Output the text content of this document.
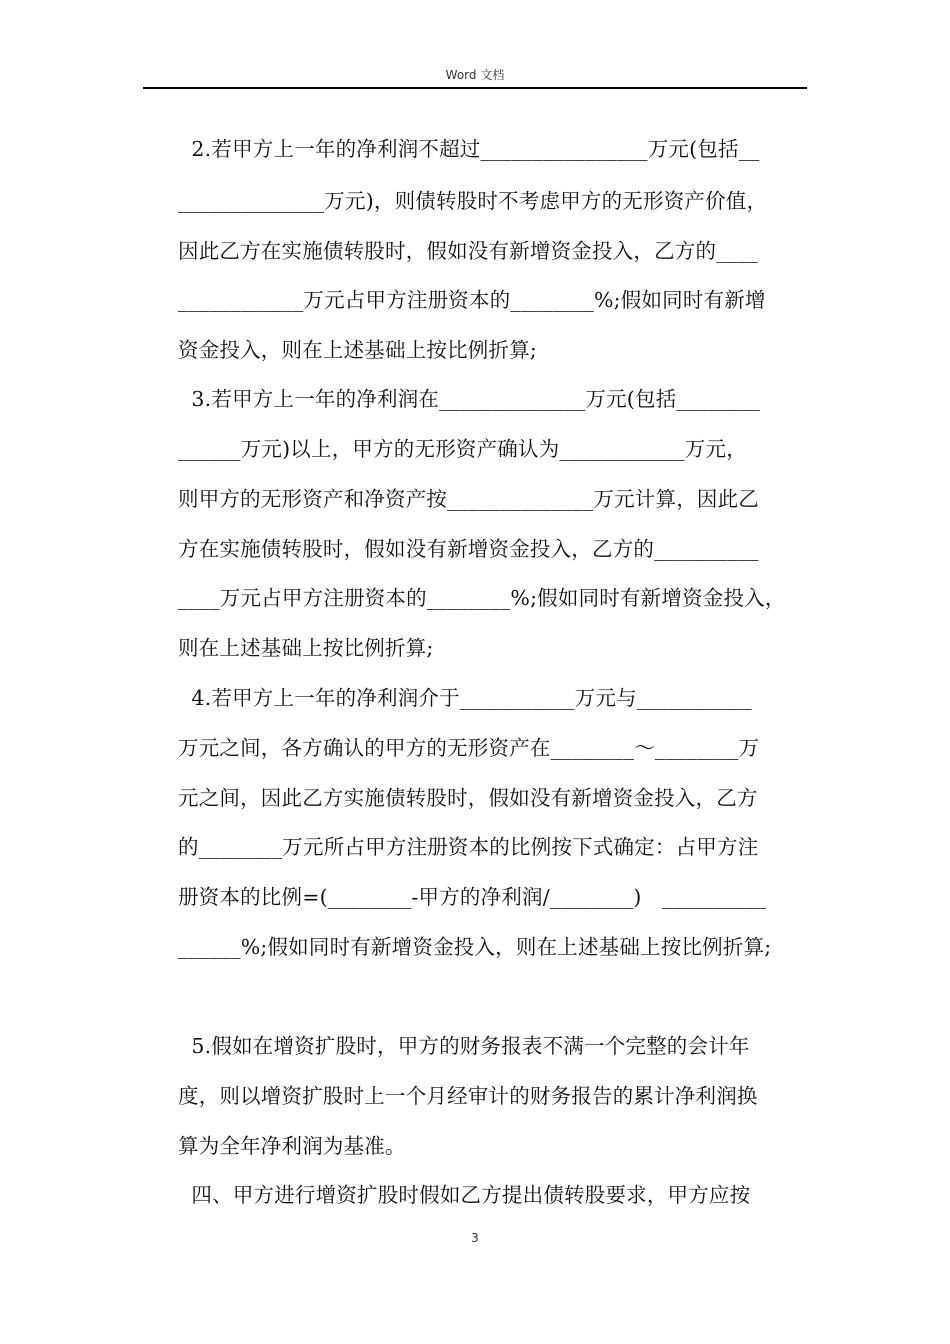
Word 文档
2.若甲方上一年的净利润不超过________________万元(包括__
______________万元)，则债转股时不考虑甲方的无形资产价值，
因此乙方在实施债转股时，假如没有新增资金投入，乙方的____
____________万元占甲方注册资本的________%;假如同时有新增
资金投入，则在上述基础上按比例折算;
3.若甲方上一年的净利润在______________万元(包括________
______万元)以上，甲方的无形资产确认为____________万元，
则甲方的无形资产和净资产按______________万元计算，因此乙
方在实施债转股时，假如没有新增资金投入，乙方的__________
____万元占甲方注册资本的________%;假如同时有新增资金投入，
则在上述基础上按比例折算;
4.若甲方上一年的净利润介于___________万元与___________
万元之间，各方确认的甲方的无形资产在________～________万
元之间，因此乙方实施债转股时，假如没有新增资金投入，乙方
的________万元所占甲方注册资本的比例按下式确定：占甲方注
册资本的比例=(________-甲方的净利润/________)   __________
______%;假如同时有新增资金投入，则在上述基础上按比例折算;
5.假如在增资扩股时，甲方的财务报表不满一个完整的会计年
度，则以增资扩股时上一个月经审计的财务报告的累计净利润换
算为全年净利润为基准。
四、甲方进行增资扩股时假如乙方提出债转股要求，甲方应按
3
